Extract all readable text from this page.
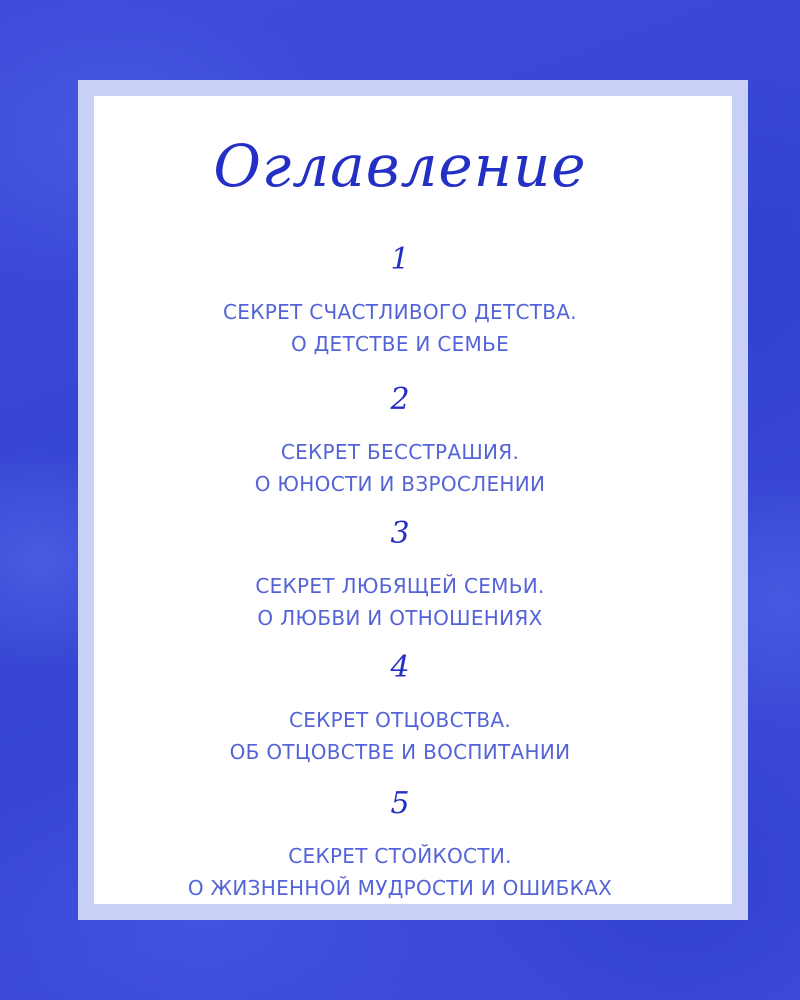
Оглавление
1
СЕКРЕТ СЧАСТЛИВОГО ДЕТСТВА.
О ДЕТСТВЕ И СЕМЬЕ
2
СЕКРЕТ БЕССТРАШИЯ.
О ЮНОСТИ И ВЗРОСЛЕНИИ
3
СЕКРЕТ ЛЮБЯЩЕЙ СЕМЬИ.
О ЛЮБВИ И ОТНОШЕНИЯХ
4
СЕКРЕТ ОТЦОВСТВА.
ОБ ОТЦОВСТВЕ И ВОСПИТАНИИ
5
СЕКРЕТ СТОЙКОСТИ.
О ЖИЗНЕННОЙ МУДРОСТИ И ОШИБКАХ
